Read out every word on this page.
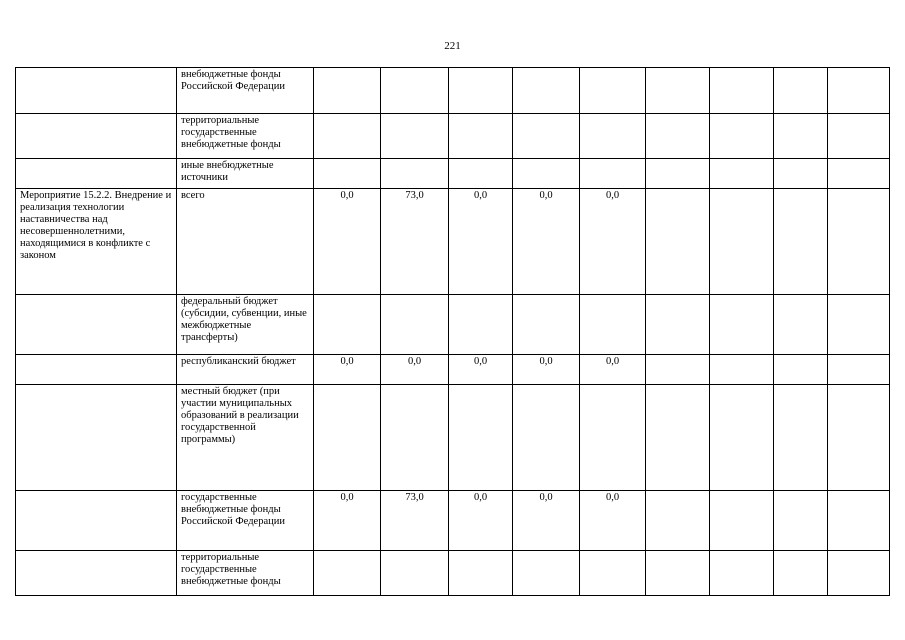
221
	внебюджетные фонды Российской Федерации									
	территориальные государственные внебюджетные фонды									
	иные внебюджетные источники									
Мероприятие 15.2.2. Внедрение и реализация технологии наставничества над несовершеннолетними, находящимися в конфликте с законом	всего	0,0	73,0	0,0	0,0	0,0				
	федеральный бюджет (субсидии, субвенции, иные межбюджетные трансферты)									
	республиканский бюджет	0,0	0,0	0,0	0,0	0,0				
	местный бюджет (при участии муниципальных образований в реализации государственной программы)									
	государственные внебюджетные фонды Российской Федерации	0,0	73,0	0,0	0,0	0,0				
	территориальные государственные внебюджетные фонды									
